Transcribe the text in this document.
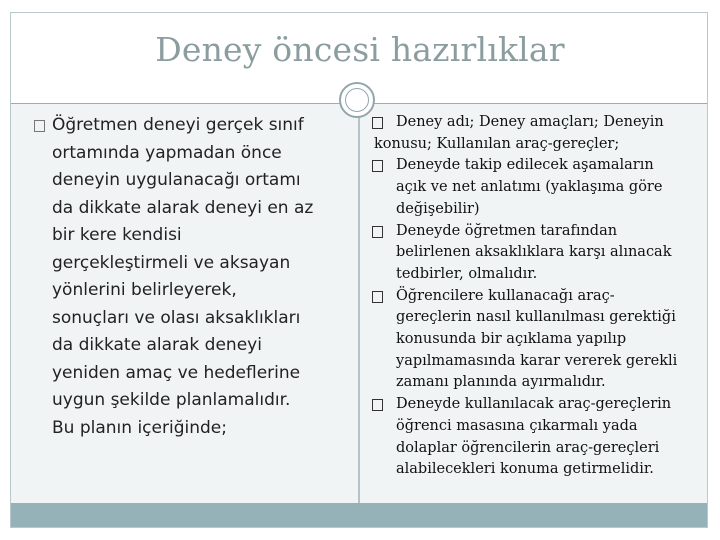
Deney öncesi hazırlıklar
Öğretmen deneyi gerçek sınıf
ortamında yapmadan önce
deneyin uygulanacağı ortamı
da dikkate alarak deneyi en az
bir kere kendisi
gerçekleştirmeli ve aksayan
yönlerini belirleyerek,
sonuçları ve olası aksaklıkları
da dikkate alarak deneyi
yeniden amaç ve hedeflerine
uygun şekilde planlamalıdır.
Bu planın içeriğinde;
Deney adı; Deney amaçları; Deneyin
konusu; Kullanılan araç-gereçler;
Deneyde takip edilecek aşamaların
açık ve net anlatımı (yaklaşıma göre
değişebilir)
Deneyde öğretmen tarafından
belirlenen aksaklıklara karşı alınacak
tedbirler, olmalıdır.
Öğrencilere kullanacağı araç-
gereçlerin nasıl kullanılması gerektiği
konusunda bir açıklama yapılıp
yapılmamasında karar vererek gerekli
zamanı planında ayırmalıdır.
Deneyde kullanılacak araç-gereçlerin
öğrenci masasına çıkarmalı yada
dolaplar öğrencilerin araç-gereçleri
alabilecekleri konuma getirmelidir.
